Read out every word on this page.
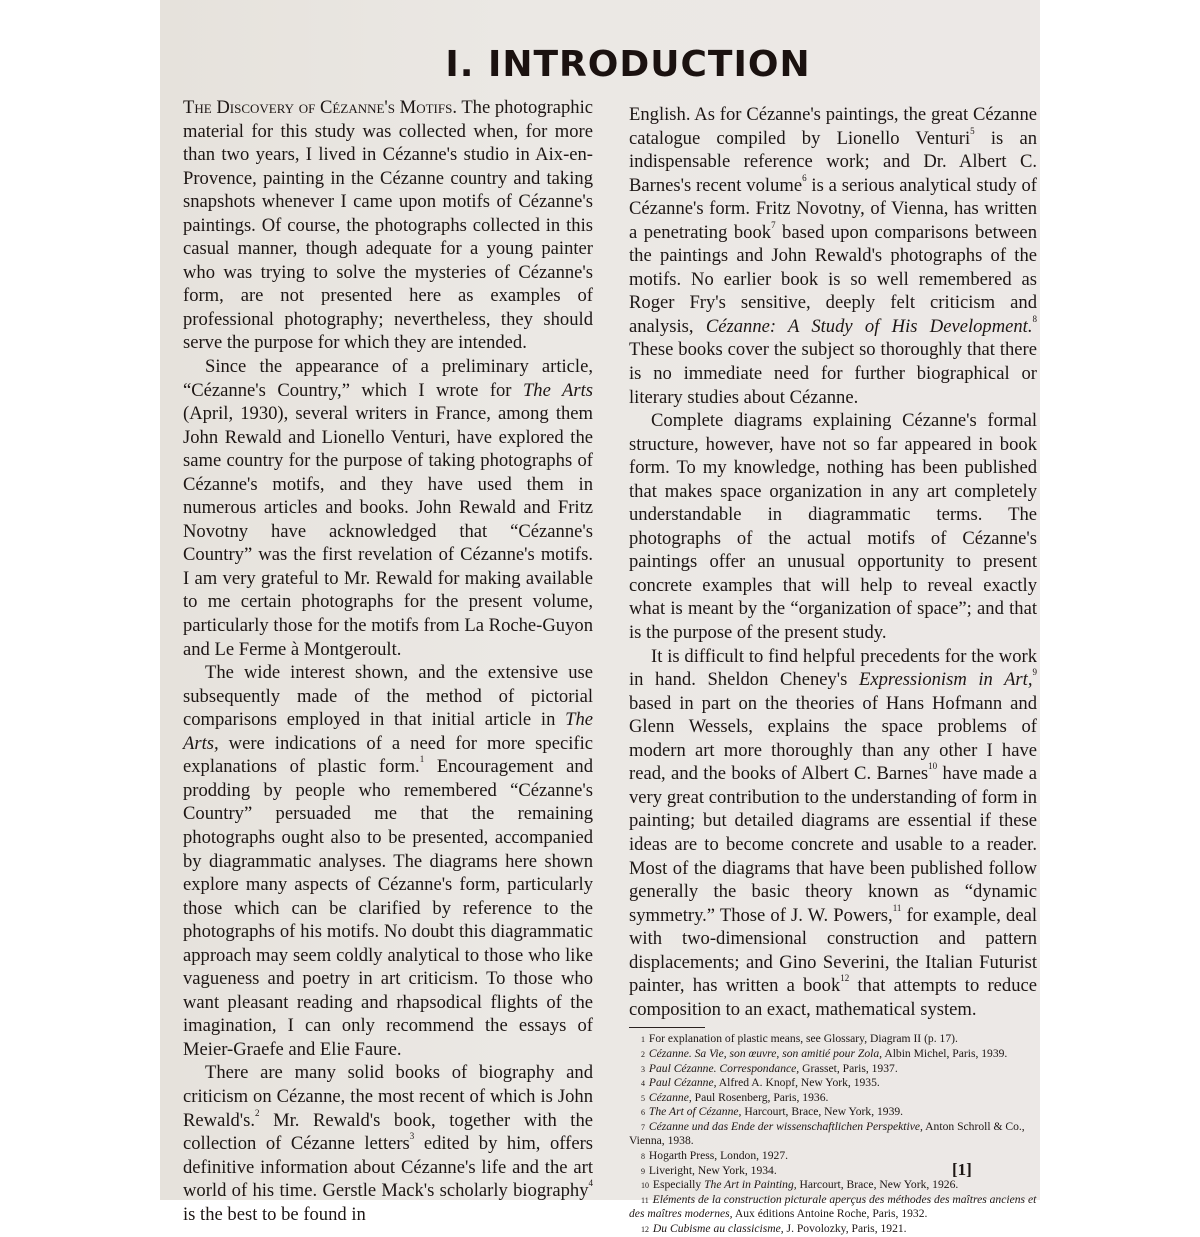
I. INTRODUCTION

The Discovery of Cézanne's Motifs. The photographic material for this study was collected when, for more than two years, I lived in Cézanne's studio in Aix-en-Provence, painting in the Cézanne country and taking snapshots whenever I came upon motifs of Cézanne's paintings. Of course, the photographs collected in this casual manner, though adequate for a young painter who was trying to solve the mysteries of Cézanne's form, are not presented here as examples of professional photography; nevertheless, they should serve the purpose for which they are intended.

Since the appearance of a preliminary article, “Cézanne's Country,” which I wrote for The Arts (April, 1930), several writers in France, among them John Rewald and Lionello Venturi, have explored the same country for the purpose of taking photographs of Cézanne's motifs, and they have used them in numerous articles and books. John Rewald and Fritz Novotny have acknowledged that “Cézanne's Country” was the first revelation of Cézanne's motifs. I am very grateful to Mr. Rewald for making available to me certain photographs for the present volume, particularly those for the motifs from La Roche-Guyon and Le Ferme à Montgeroult.

The wide interest shown, and the extensive use subsequently made of the method of pictorial comparisons employed in that initial article in The Arts, were indications of a need for more specific explanations of plastic form.$^1$ Encouragement and prodding by people who remembered “Cézanne's Country” persuaded me that the remaining photographs ought also to be presented, accompanied by diagrammatic analyses. The diagrams here shown explore many aspects of Cézanne's form, particularly those which can be clarified by reference to the photographs of his motifs. No doubt this diagrammatic approach may seem coldly analytical to those who like vagueness and poetry in art criticism. To those who want pleasant reading and rhapsodical flights of the imagination, I can only recommend the essays of Meier-Graefe and Elie Faure.

There are many solid books of biography and criticism on Cézanne, the most recent of which is John Rewald's.$^2$ Mr. Rewald's book, together with the collection of Cézanne letters$^3$ edited by him, offers definitive information about Cézanne's life and the art world of his time. Gerstle Mack's scholarly biography$^4$ is the best to be found in

English. As for Cézanne's paintings, the great Cézanne catalogue compiled by Lionello Venturi$^5$ is an indispensable reference work; and Dr. Albert C. Barnes's recent volume$^6$ is a serious analytical study of Cézanne's form. Fritz Novotny, of Vienna, has written a penetrating book$^7$ based upon comparisons between the paintings and John Rewald's photographs of the motifs. No earlier book is so well remembered as Roger Fry's sensitive, deeply felt criticism and analysis, Cézanne: A Study of His Development.$^8$ These books cover the subject so thoroughly that there is no immediate need for further biographical or literary studies about Cézanne.

Complete diagrams explaining Cézanne's formal structure, however, have not so far appeared in book form. To my knowledge, nothing has been published that makes space organization in any art completely understandable in diagrammatic terms. The photographs of the actual motifs of Cézanne's paintings offer an unusual opportunity to present concrete examples that will help to reveal exactly what is meant by the “organization of space”; and that is the purpose of the present study.

It is difficult to find helpful precedents for the work in hand. Sheldon Cheney's Expressionism in Art,$^9$ based in part on the theories of Hans Hofmann and Glenn Wessels, explains the space problems of modern art more thoroughly than any other I have read, and the books of Albert C. Barnes$^{10}$ have made a very great contribution to the understanding of form in painting; but detailed diagrams are essential if these ideas are to become concrete and usable to a reader. Most of the diagrams that have been published follow generally the basic theory known as “dynamic symmetry.” Those of J. W. Powers,$^{11}$ for example, deal with two-dimensional construction and pattern displacements; and Gino Severini, the Italian Futurist painter, has written a book$^{12}$ that attempts to reduce composition to an exact, mathematical system.

$^1$ For explanation of plastic means, see Glossary, Diagram II (p. 17).
$^2$ Cézanne. Sa Vie, son œuvre, son amitié pour Zola, Albin Michel, Paris, 1939.
$^3$ Paul Cézanne. Correspondance, Grasset, Paris, 1937.
$^4$ Paul Cézanne, Alfred A. Knopf, New York, 1935.
$^5$ Cézanne, Paul Rosenberg, Paris, 1936.
$^6$ The Art of Cézanne, Harcourt, Brace, New York, 1939.
$^7$ Cézanne und das Ende der wissenschaftlichen Perspektive, Anton Schroll & Co., Vienna, 1938.
$^8$ Hogarth Press, London, 1927.
$^9$ Liveright, New York, 1934.
$^{10}$ Especially The Art in Painting, Harcourt, Brace, New York, 1926.
$^{11}$ Eléments de la construction picturale aperçus des méthodes des maîtres anciens et des maîtres modernes, Aux éditions Antoine Roche, Paris, 1932.
$^{12}$ Du Cubisme au classicisme, J. Povolozky, Paris, 1921.
[1]
